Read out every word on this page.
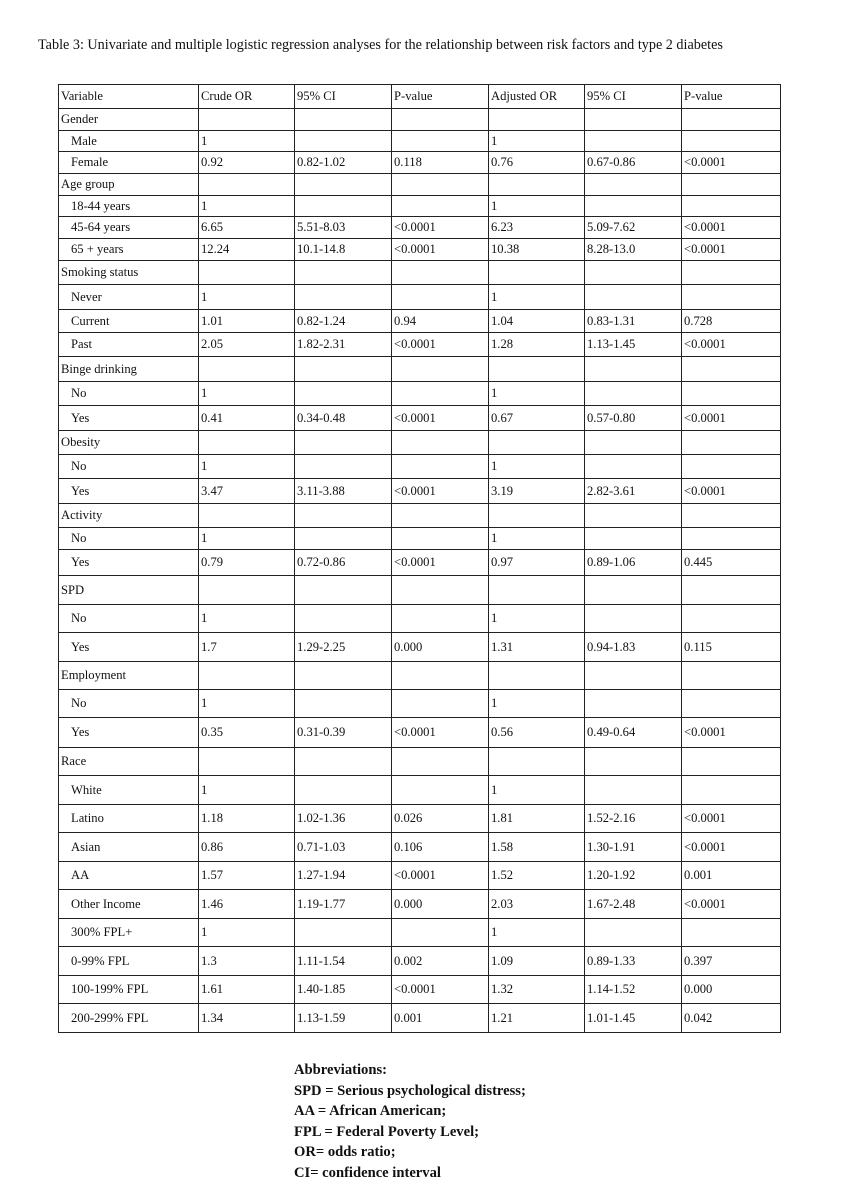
Table 3: Univariate and multiple logistic regression analyses for the relationship between risk factors and type 2 diabetes
Variable	Crude OR	95% CI	P-value	Adjusted OR	95% CI	P-value
Gender						
Male	1			1		
Female	0.92	0.82-1.02	0.118	0.76	0.67-0.86	<0.0001
Age group						
18-44 years	1			1		
45-64 years	6.65	5.51-8.03	<0.0001	6.23	5.09-7.62	<0.0001
65 + years	12.24	10.1-14.8	<0.0001	10.38	8.28-13.0	<0.0001
Smoking status						
Never	1			1		
Current	1.01	0.82-1.24	0.94	1.04	0.83-1.31	0.728
Past	2.05	1.82-2.31	<0.0001	1.28	1.13-1.45	<0.0001
Binge drinking						
No	1			1		
Yes	0.41	0.34-0.48	<0.0001	0.67	0.57-0.80	<0.0001
Obesity						
No	1			1		
Yes	3.47	3.11-3.88	<0.0001	3.19	2.82-3.61	<0.0001
Activity						
No	1			1		
Yes	0.79	0.72-0.86	<0.0001	0.97	0.89-1.06	0.445
SPD						
No	1			1		
Yes	1.7	1.29-2.25	0.000	1.31	0.94-1.83	0.115
Employment						
No	1			1		
Yes	0.35	0.31-0.39	<0.0001	0.56	0.49-0.64	<0.0001
Race						
White	1			1		
Latino	1.18	1.02-1.36	0.026	1.81	1.52-2.16	<0.0001
Asian	0.86	0.71-1.03	0.106	1.58	1.30-1.91	<0.0001
AA	1.57	1.27-1.94	<0.0001	1.52	1.20-1.92	0.001
Other Income	1.46	1.19-1.77	0.000	2.03	1.67-2.48	<0.0001
300% FPL+	1			1		
0-99% FPL	1.3	1.11-1.54	0.002	1.09	0.89-1.33	0.397
100-199% FPL	1.61	1.40-1.85	<0.0001	1.32	1.14-1.52	0.000
200-299% FPL	1.34	1.13-1.59	0.001	1.21	1.01-1.45	0.042
Abbreviations:
SPD = Serious psychological distress;
AA = African American;
FPL = Federal Poverty Level;
OR= odds ratio;
CI= confidence interval
